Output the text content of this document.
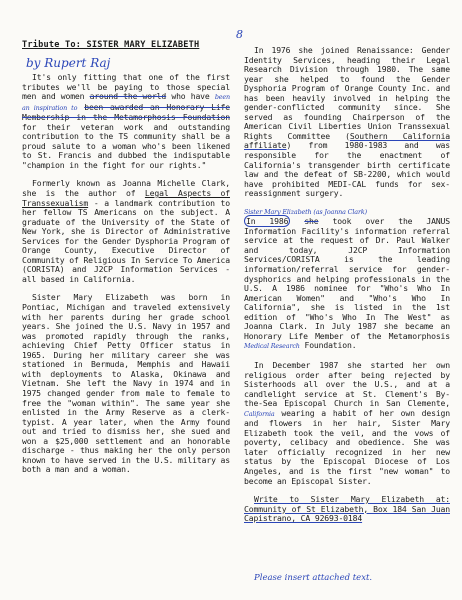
8
Tribute To: SISTER MARY ELIZABETH
by Rupert Raj

It's only fitting that one of the first tributes we'll be paying to those special men and women around the world who have been an inspiration to been awarded an Honorary Life Membership in the Metamorphosis Foundation for their veteran work and outstanding contribution to the TS community shall be a proud salute to a woman who's been likened to St. Francis and dubbed the indisputable "champion in the fight for our rights."

Formerly known as Joanna Michelle Clark, she is the author of Legal Aspects of Transsexualism - a landmark contribution to her fellow TS Americans on the subject. A graduate of the University of the State of New York, she is Director of Administrative Services for the Gender Dysphoria Program of Orange County, Executive Director of Community of Religious In Service To America (CORISTA) and J2CP Information Services - all based in California.

Sister Mary Elizabeth was born in Pontiac, Michigan and traveled extensively with her parents during her grade school years. She joined the U.S. Navy in 1957 and was promoted rapidly through the ranks, achieving Chief Petty Officer status in 1965. During her military career she was stationed in Bermuda, Memphis and Hawaii with deployments to Alaska, Okinawa and Vietnam. She left the Navy in 1974 and in 1975 changed gender from male to female to free the "woman within". The same year she enlisted in the Army Reserve as a clerk-typist. A year later, when the Army found out and tried to dismiss her, she sued and won a $25,000 settlement and an honorable discharge - thus making her the only person known to have served in the U.S. military as both a man and a woman.

In 1976 she joined Renaissance: Gender Identity Services, heading their Legal Research Division through 1980. The same year she helped to found the Gender Dysphoria Program of Orange County Inc. and has been heavily involved in helping the gender-conflicted community since. She served as founding Chairperson of the American Civil Liberties Union Transsexual Rights Committee (Southern California affiliate) from 1980-1983 and was responsible for the enactment of California's transgender birth certificate law and the defeat of SB-2200, which would have prohibited MEDI-CAL funds for sex-reassignment surgery.

Sister Mary Elizabeth (as Joanna Clark)
In 1986 she took over the JANUS Information Facility's information referral service at the request of Dr. Paul Walker and today, J2CP Information Services/CORISTA is the leading information/referral service for gender-dysphorics and helping professionals in the U.S. A 1986 nominee for "Who's Who In American Women" and "Who's Who In California", she is listed in the 1st edition of "Who's Who In The West" as Joanna Clark. In July 1987 she became an Honorary Life Member of the Metamorphosis Medical Research Foundation.

In December 1987 she started her own religious order after being rejected by Sisterhoods all over the U.S., and at a candlelight service at St. Clement's By-the-Sea Episcopal Church in San Clemente, California wearing a habit of her own design and flowers in her hair, Sister Mary Elizabeth took the veil, and the vows of poverty, celibacy and obedience. She was later officially recognized in her new status by the Episcopal Diocese of Los Angeles, and is the first "new woman" to become an Episcopal Sister.

Write to Sister Mary Elizabeth at: Community of St Elizabeth, Box 184 San Juan Capistrano, CA 92693-0184

Please insert attached text.
